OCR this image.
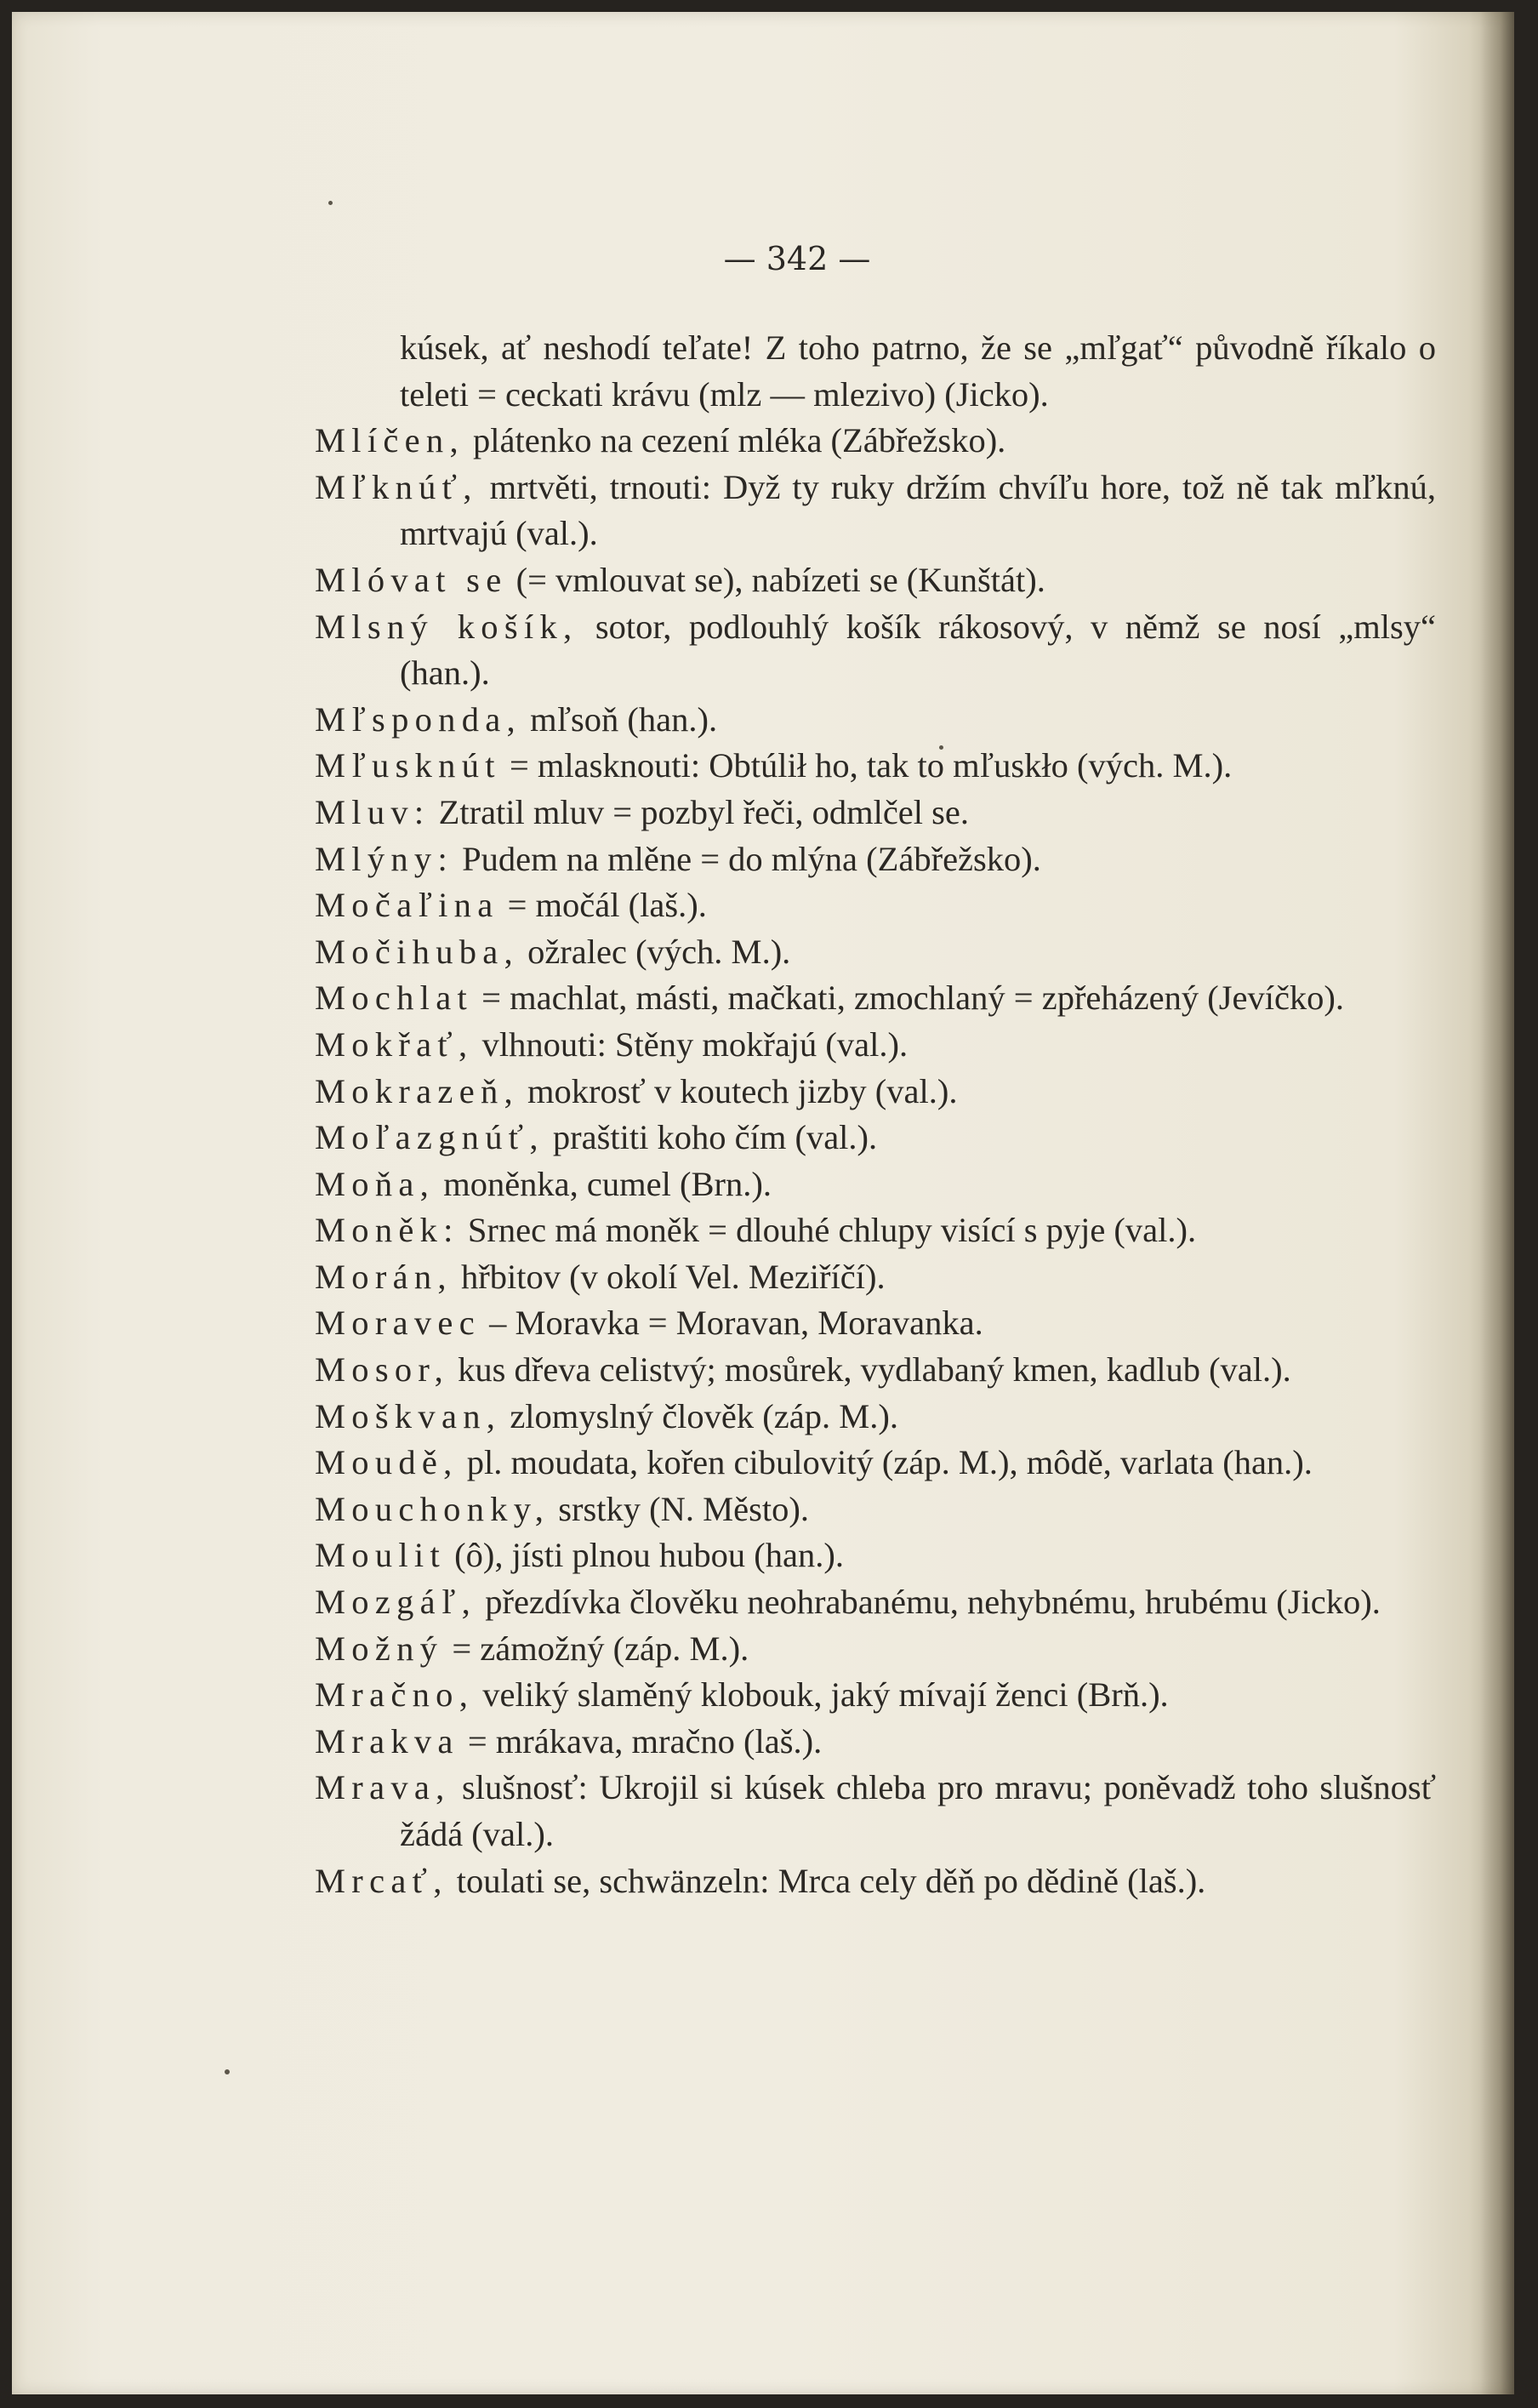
— 342 —

kúsek, ať neshodí teľate! Z toho patrno, že se „mľgať“ původně říkalo o teleti = ceckati krávu (mlz — mlezivo) (Jicko).

Mlíčen, plátenko na cezení mléka (Zábřežsko).

Mľknúť, mrtvěti, trnouti: Dyž ty ruky držím chvíľu hore, tož ně tak mľknú, mrtvajú (val.).

Mlóvat se (= vmlouvat se), nabízeti se (Kunštát).

Mlsný košík, sotor, podlouhlý košík rákosový, v němž se nosí „mlsy“ (han.).

Mľsponda, mľsoň (han.).

Mľusknút = mlasknouti: Obtúlił ho, tak to mľuskło (vých. M.).

Mluv: Ztratil mluv = pozbyl řeči, odmlčel se.

Mlýny: Pudem na mlěne = do mlýna (Zábřežsko).

Močaľina = močál (laš.).

Močihuba, ožralec (vých. M.).

Mochlat = machlat, másti, mačkati, zmochlaný = zpřeházený (Jevíčko).

Mokřať, vlhnouti: Stěny mokřajú (val.).

Mokrazeň, mokrosť v koutech jizby (val.).

Moľazgnúť, praštiti koho čím (val.).

Moňa, moněnka, cumel (Brn.).

Moněk: Srnec má moněk = dlouhé chlupy visící s pyje (val.).

Morán, hřbitov (v okolí Vel. Meziříčí).

Moravec – Moravka = Moravan, Moravanka.

Mosor, kus dřeva celistvý; mosůrek, vydlabaný kmen, kadlub (val.).

Moškvan, zlomyslný člověk (záp. M.).

Moudě, pl. moudata, kořen cibulovitý (záp. M.), môdě, varlata (han.).

Mouchonky, srstky (N. Město).

Moulit (ô), jísti plnou hubou (han.).

Mozgáľ, přezdívka člověku neohrabanému, nehybnému, hrubému (Jicko).

Možný = zámožný (záp. M.).

Mračno, veliký slaměný klobouk, jaký mívají ženci (Brň.).

Mrakva = mrákava, mračno (laš.).

Mrava, slušnosť: Ukrojil si kúsek chleba pro mravu; poněvadž toho slušnosť žádá (val.).

Mrcať, toulati se, schwänzeln: Mrca cely děň po dědině (laš.).
